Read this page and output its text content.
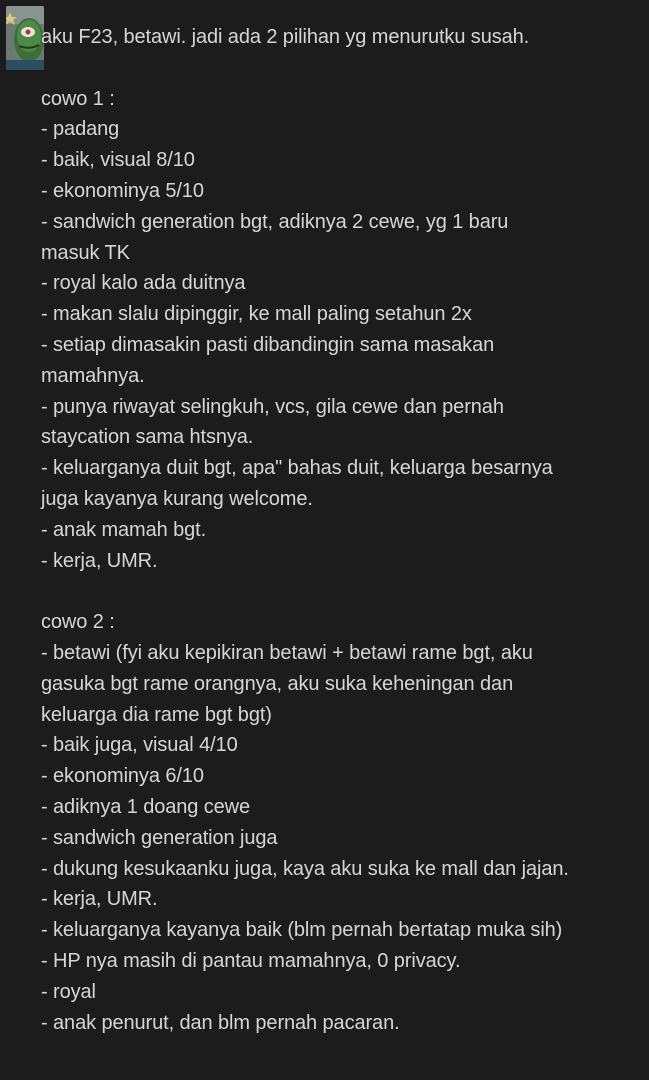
aku F23, betawi. jadi ada 2 pilihan yg menurutku susah.
cowo 1 :
- padang
- baik, visual 8/10
- ekonominya 5/10
- sandwich generation bgt, adiknya 2 cewe, yg 1 baru
masuk TK
- royal kalo ada duitnya
- makan slalu dipinggir, ke mall paling setahun 2x
- setiap dimasakin pasti dibandingin sama masakan
mamahnya.
- punya riwayat selingkuh, vcs, gila cewe dan pernah
staycation sama htsnya.
- keluarganya duit bgt, apa" bahas duit, keluarga besarnya
juga kayanya kurang welcome.
- anak mamah bgt.
- kerja, UMR.
cowo 2 :
- betawi (fyi aku kepikiran betawi + betawi rame bgt, aku
gasuka bgt rame orangnya, aku suka keheningan dan
keluarga dia rame bgt bgt)
- baik juga, visual 4/10
- ekonominya 6/10
- adiknya 1 doang cewe
- sandwich generation juga
- dukung kesukaanku juga, kaya aku suka ke mall dan jajan.
- kerja, UMR.
- keluarganya kayanya baik (blm pernah bertatap muka sih)
- HP nya masih di pantau mamahnya, 0 privacy.
- royal
- anak penurut, dan blm pernah pacaran.
